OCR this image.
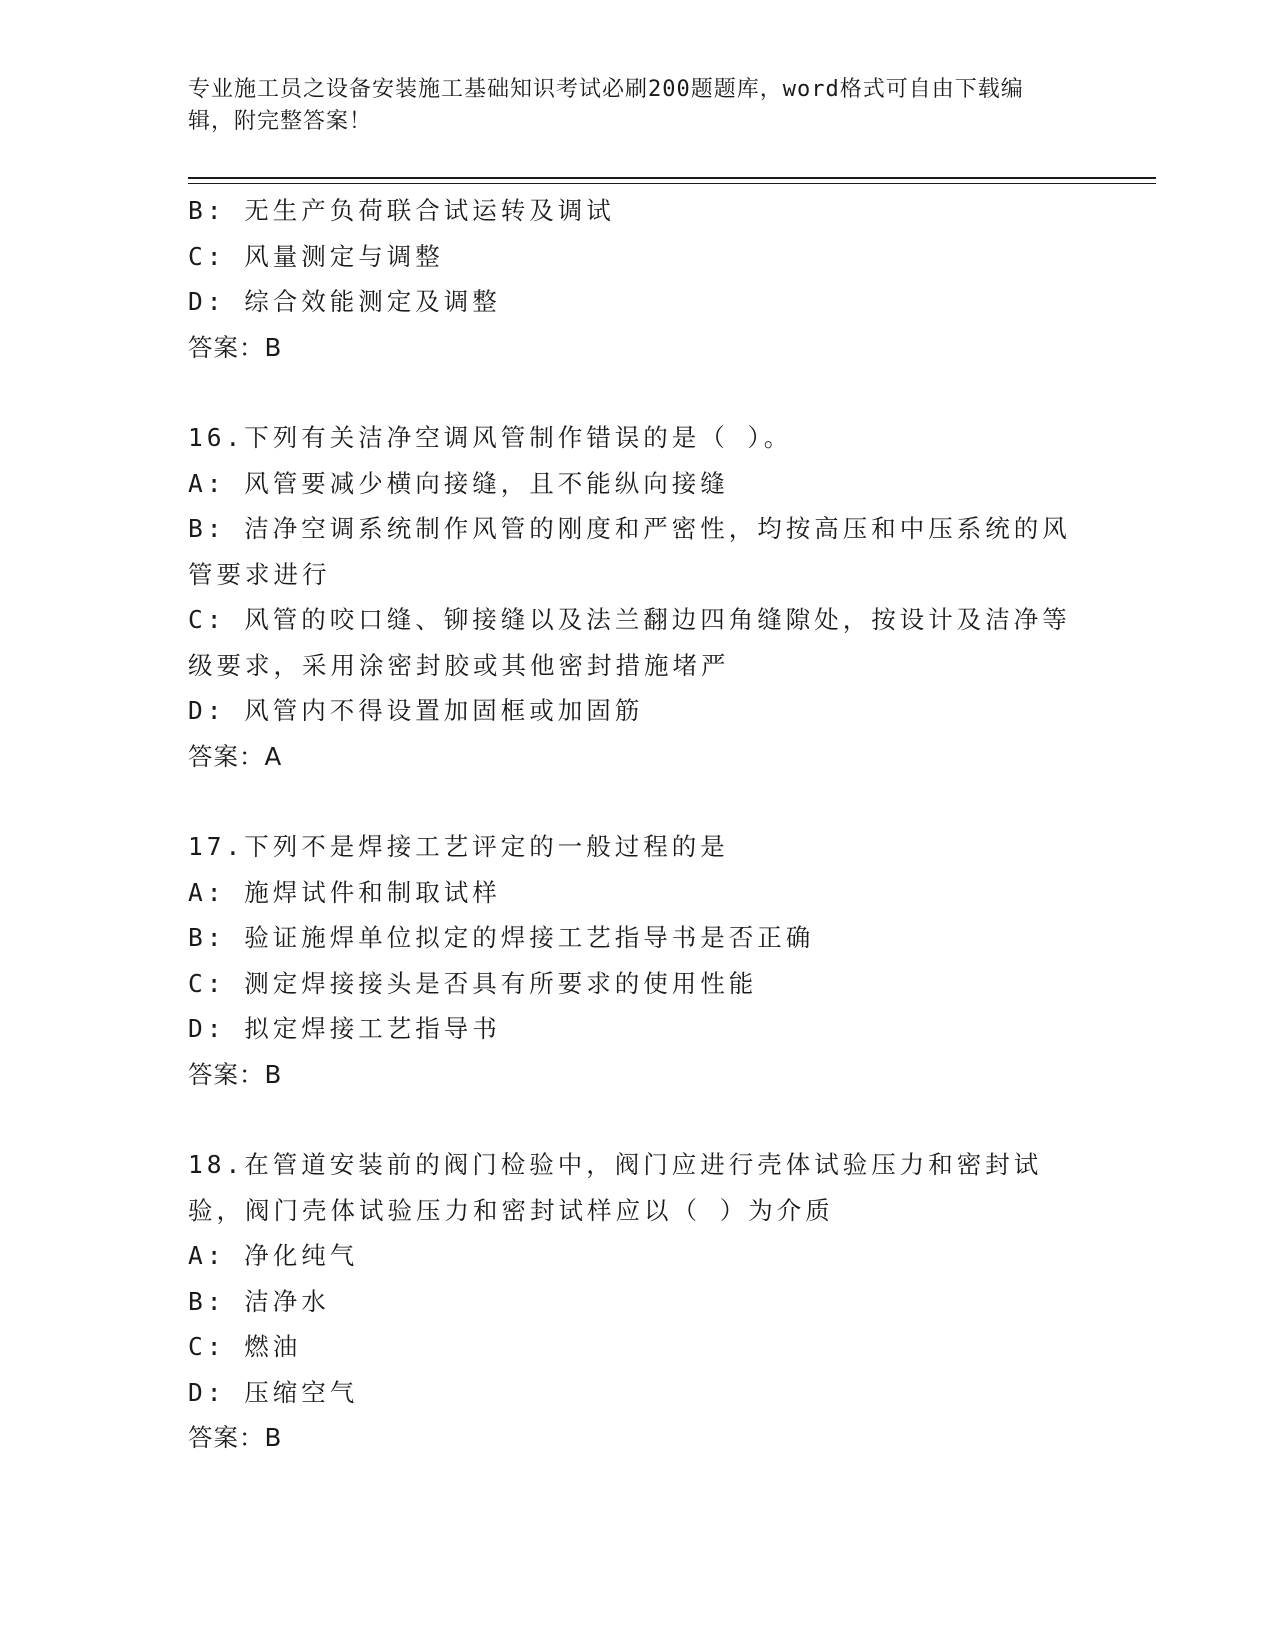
专业施工员之设备安装施工基础知识考试必刷200题题库，word格式可自由下载编辑，附完整答案！
B: 无生产负荷联合试运转及调试
C: 风量测定与调整
D: 综合效能测定及调整
答案：B
16.下列有关洁净空调风管制作错误的是（ ）。
A: 风管要减少横向接缝，且不能纵向接缝
B: 洁净空调系统制作风管的刚度和严密性，均按高压和中压系统的风管要求进行
C: 风管的咬口缝、铆接缝以及法兰翻边四角缝隙处，按设计及洁净等级要求，采用涂密封胶或其他密封措施堵严
D: 风管内不得设置加固框或加固筋
答案：A
17.下列不是焊接工艺评定的一般过程的是
A: 施焊试件和制取试样
B: 验证施焊单位拟定的焊接工艺指导书是否正确
C: 测定焊接接头是否具有所要求的使用性能
D: 拟定焊接工艺指导书
答案：B
18.在管道安装前的阀门检验中，阀门应进行壳体试验压力和密封试验，阀门壳体试验压力和密封试样应以（ ）为介质
A: 净化纯气
B: 洁净水
C: 燃油
D: 压缩空气
答案：B
